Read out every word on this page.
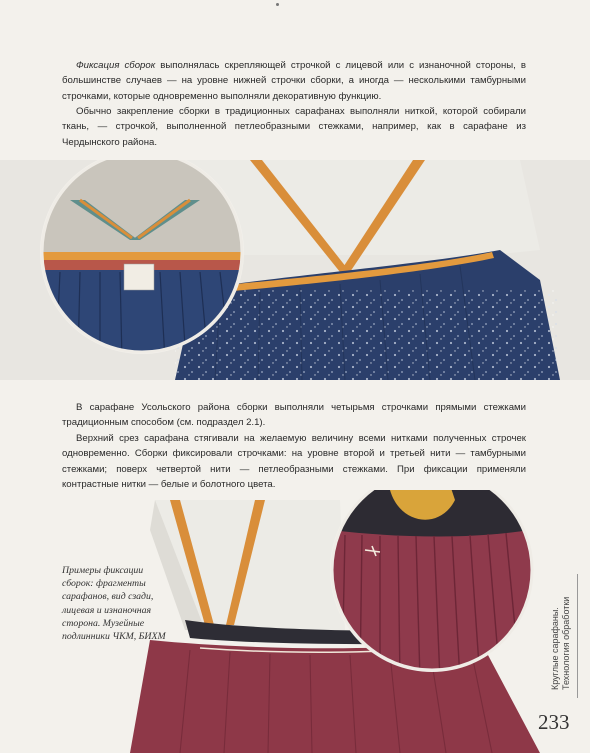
Фиксация сборок выполнялась скрепляющей строчкой с лицевой или с изнаночной стороны, в большинстве случаев — на уровне нижней строчки сборки, а иногда — несколькими тамбурными строчками, которые одновременно выполняли декоративную функцию.

Обычно закрепление сборки в традиционных сарафанах выполняли ниткой, которой собирали ткань, — строчкой, выполненной петлеобразными стежками, например, как в сарафане из Чердынского района.

В сарафане Усольского района сборки выполняли четырьмя строчками прямыми стежками традиционным способом (см. подраздел 2.1).

Верхний срез сарафана стягивали на желаемую величину всеми нитками полученных строчек одновременно. Сборки фиксировали строчками: на уровне второй и третьей нити — тамбурными стежками; поверх четвертой нити — петлеобразными стежками. При фиксации применяли контрастные нитки — белые и болотного цвета.

Примеры фиксации сборок: фрагменты сарафанов, вид сзади, лицевая и изнаночная сторона. Музейные подлинники ЧКМ, БИХМ	Круглые сарафаны. Технология обработки
233
